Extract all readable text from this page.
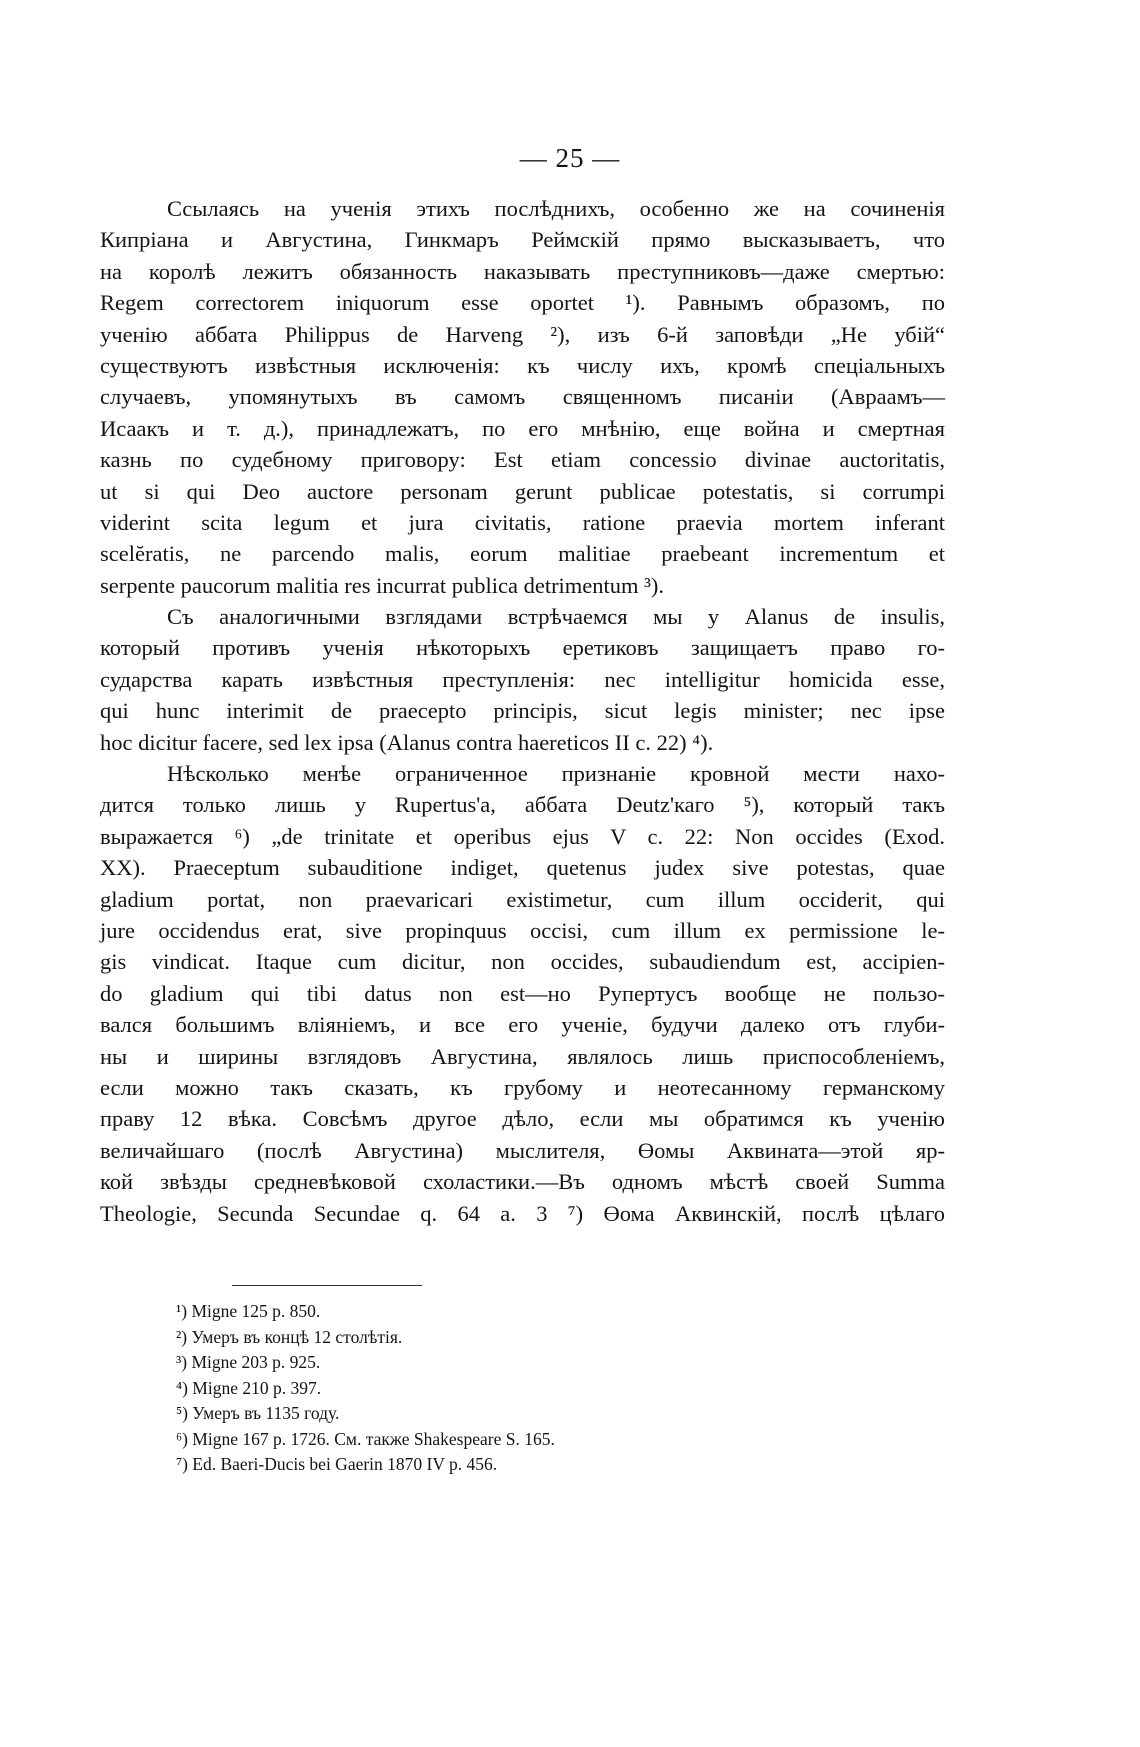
— 25 —
Ссылаясь на ученія этихъ послѣднихъ, особенно же на сочиненія
Кипріана и Августина, Гинкмаръ Реймскій прямо высказываетъ, что
на королѣ лежитъ обязанность наказывать преступниковъ—даже смертью:
Regem correctorem iniquorum esse oportet ¹). Равнымъ образомъ, по
ученію аббата Philippus de Harveng ²), изъ 6-й заповѣди „Не убій“
существуютъ извѣстныя исключенія: къ числу ихъ, кромѣ спеціальныхъ
случаевъ, упомянутыхъ въ самомъ священномъ писаніи (Авраамъ—
Исаакъ и т. д.), принадлежатъ, по его мнѣнію, еще война и смертная
казнь по судебному приговору: Est etiam concessio divinae auctoritatis,
ut si qui Deo auctore personam gerunt publicae potestatis, si corrumpi
viderint scita legum et jura civitatis, ratione praevia mortem inferant
scelĕratis, ne parcendo malis, eorum malitiae praebeant incrementum et
serpente paucorum malitia res incurrat publica detrimentum ³).
Съ аналогичными взглядами встрѣчаемся мы у Alanus de insulis,
который противъ ученія нѣкоторыхъ еретиковъ защищаетъ право го-
сударства карать извѣстныя преступленія: nec intelligitur homicida esse,
qui hunc interimit de praecepto principis, sicut legis minister; nec ipse
hoc dicitur facere, sed lex ipsa (Alanus contra haereticos II c. 22) ⁴).
Нѣсколько менѣе ограниченное признаніе кровной мести нахо-
дится только лишь у Rupertus'a, аббата Deutz'каго ⁵), который такъ
выражается ⁶) „de trinitate et operibus ejus V c. 22: Non occides (Exod.
XX). Praeceptum subauditione indiget, quetenus judex sive potestas, quae
gladium portat, non praevaricari existimetur, cum illum occiderit, qui
jure occidendus erat, sive propinquus occisi, cum illum ex permissione le-
gis vindicat. Itaque cum dicitur, non occides, subaudiendum est, accipien-
do gladium qui tibi datus non est—но Рупертусъ вообще не пользо-
вался большимъ вліяніемъ, и все его ученіе, будучи далеко отъ глуби-
ны и ширины взглядовъ Августина, являлось лишь приспособленіемъ,
если можно такъ сказать, къ грубому и неотесанному германскому
праву 12 вѣка. Совсѣмъ другое дѣло, если мы обратимся къ ученію
величайшаго (послѣ Августина) мыслителя, Өомы Аквината—этой яр-
кой звѣзды средневѣковой схоластики.—Въ одномъ мѣстѣ своей Summa
Theologie, Secunda Secundae q. 64 a. 3 ⁷) Өома Аквинскій, послѣ цѣлаго
¹) Migne 125 p. 850.
²) Умеръ въ концѣ 12 столѣтія.
³) Migne 203 p. 925.
⁴) Migne 210 p. 397.
⁵) Умеръ въ 1135 году.
⁶) Migne 167 p. 1726. См. также Shakespeare S. 165.
⁷) Ed. Baeri-Ducis bei Gaerin 1870 IV p. 456.
